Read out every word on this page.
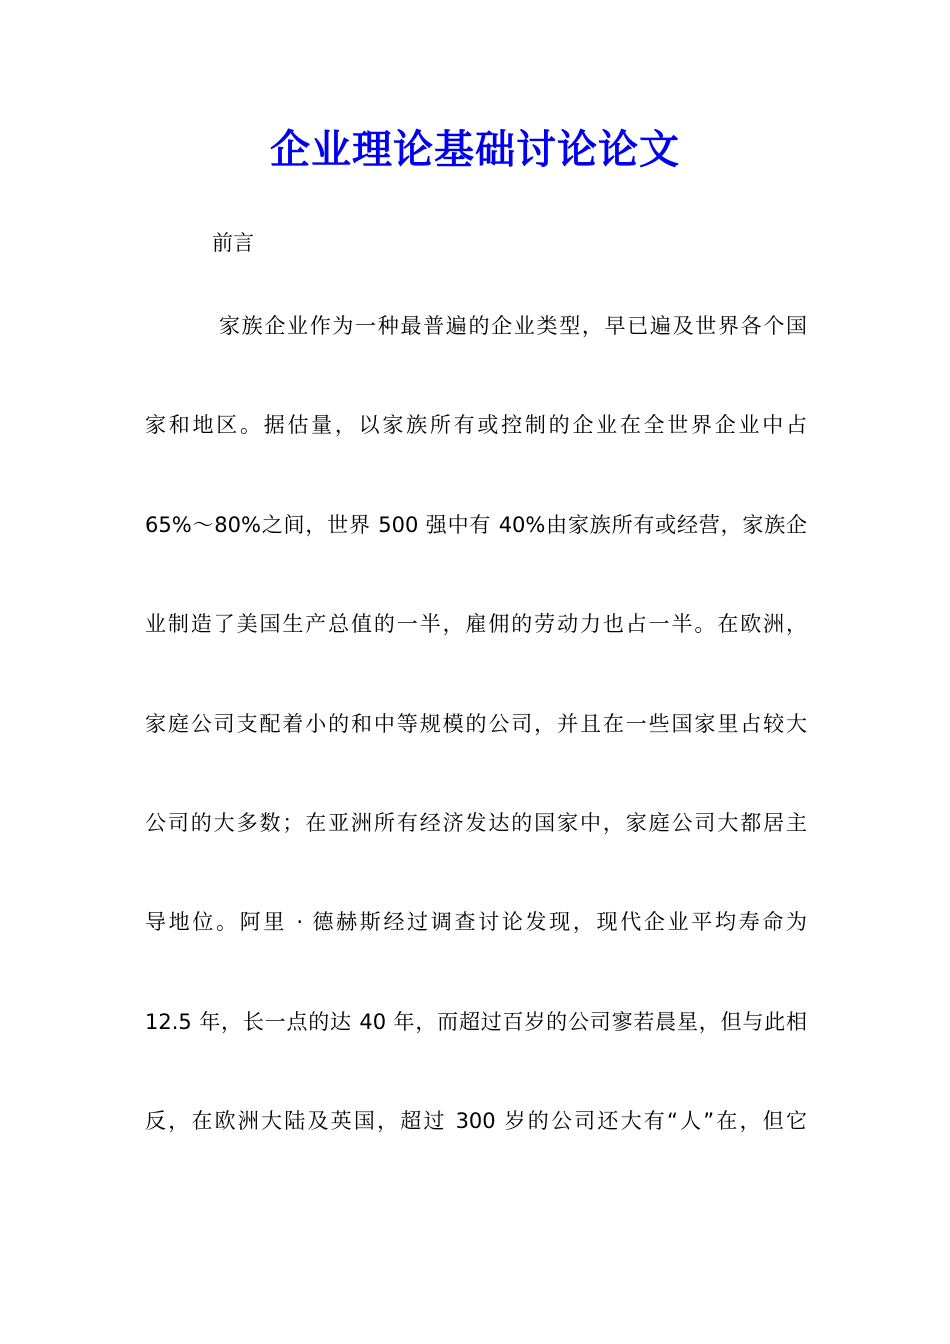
企业理论基础讨论论文

前言

家族企业作为一种最普遍的企业类型，早已遍及世界各个国
家和地区。据估量，以家族所有或控制的企业在全世界企业中占
65%～80%之间，世界 500 强中有 40%由家族所有或经营，家族企
业制造了美国生产总值的一半，雇佣的劳动力也占一半。在欧洲，
家庭公司支配着小的和中等规模的公司，并且在一些国家里占较大
公司的大多数；在亚洲所有经济发达的国家中，家庭公司大都居主
导地位。阿里 · 德赫斯经过调查讨论发现，现代企业平均寿命为
12.5 年，长一点的达 40 年，而超过百岁的公司寥若晨星，但与此相
反，在欧洲大陆及英国，超过 300 岁的公司还大有“人”在，但它
